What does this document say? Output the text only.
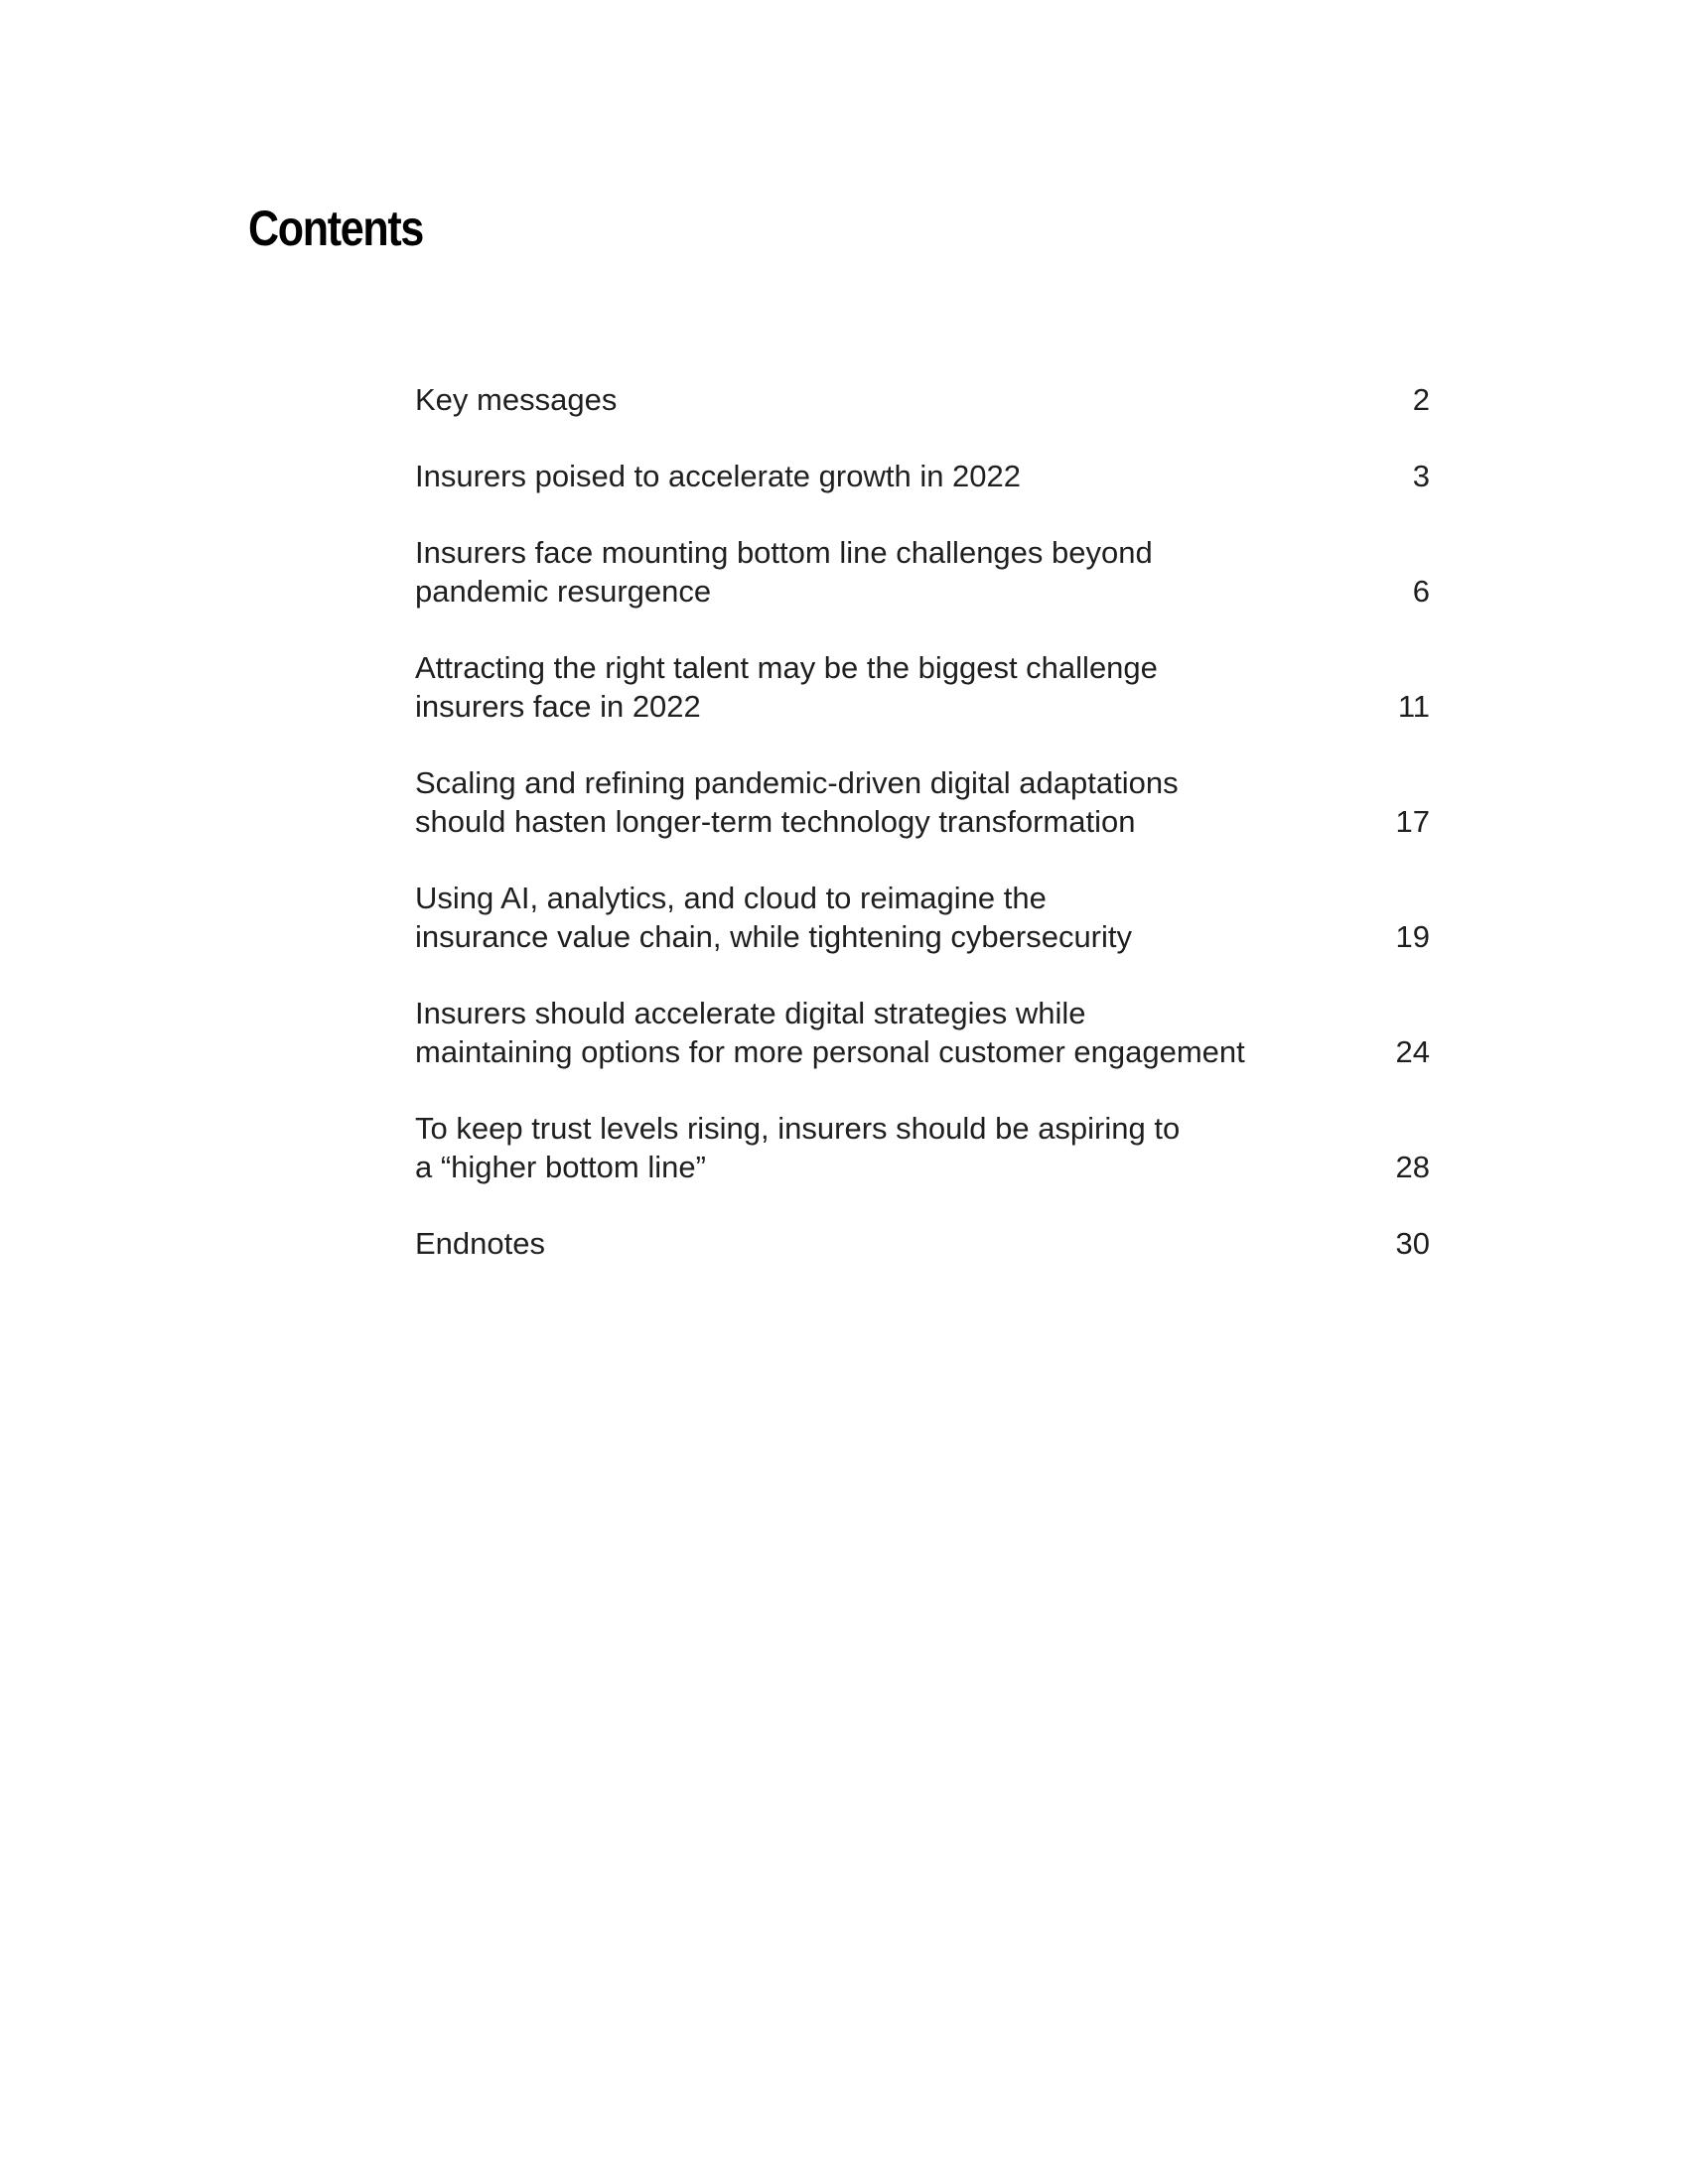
Contents
Key messages	2
Insurers poised to accelerate growth in 2022	3
Insurers face mounting bottom line challenges beyond
pandemic resurgence	6
Attracting the right talent may be the biggest challenge
insurers face in 2022	11
Scaling and refining pandemic-driven digital adaptations
should hasten longer-term technology transformation	17
Using AI, analytics, and cloud to reimagine the
insurance value chain, while tightening cybersecurity	19
Insurers should accelerate digital strategies while
maintaining options for more personal customer engagement	24
To keep trust levels rising, insurers should be aspiring to
a “higher bottom line”	28
Endnotes	30
